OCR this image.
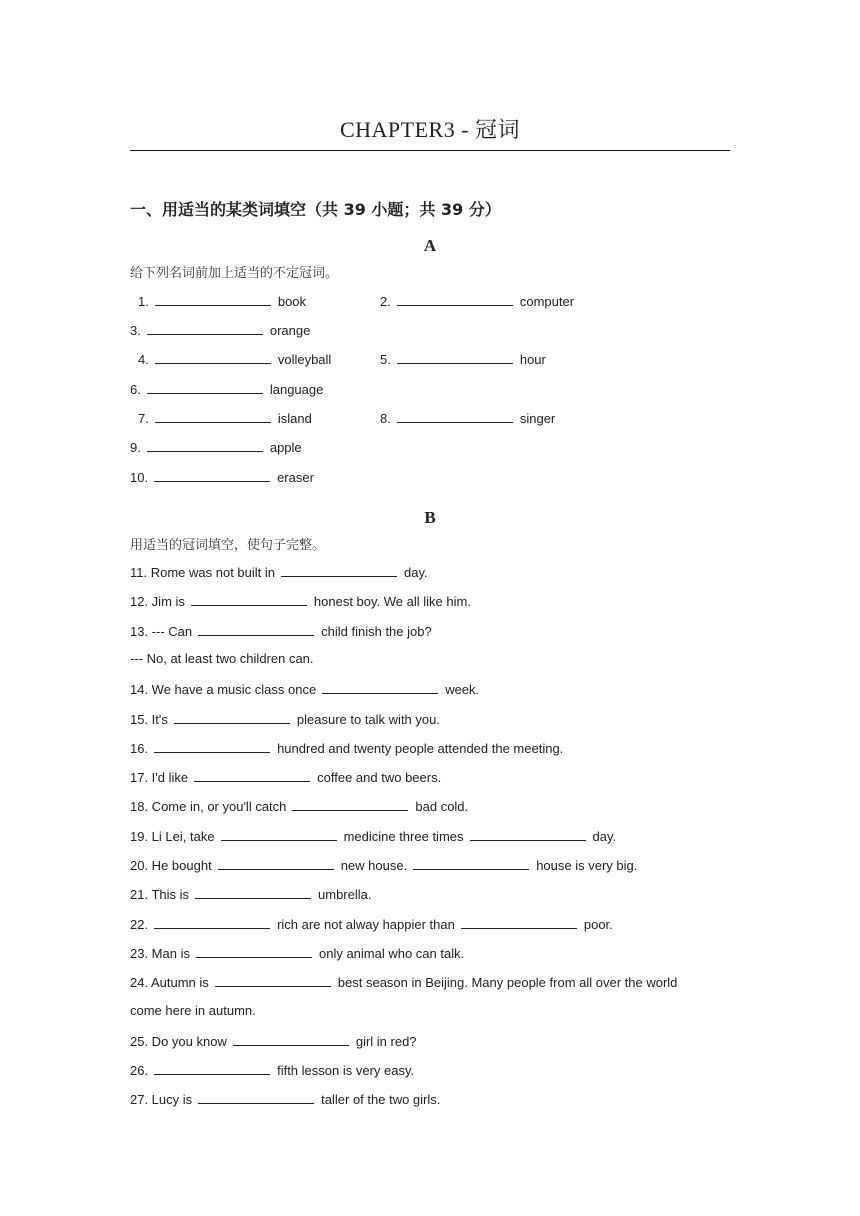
CHAPTER3 - 冠词
一、用适当的某类词填空（共 39 小题；共 39 分）
A
给下列名词前加上适当的不定冠词。
1.	book	2.	computer
3.	orange
4.	volleyball	5.	hour
6.	language
7.	island	8.	singer
9.	apple
10.	eraser
B
用适当的冠词填空，使句子完整。
11. Rome was not built in	day.
12. Jim is	honest boy. We all like him.
13. --- Can	child finish the job?
--- No, at least two children can.
14. We have a music class once	week.
15. It's	pleasure to talk with you.
16.	hundred and twenty people attended the meeting.
17. I'd like	coffee and two beers.
18. Come in, or you'll catch	bad cold.
19. Li Lei, take	medicine three times	day.
20. He bought	new house.	house is very big.
21. This is	umbrella.
22.	rich are not alway happier than	poor.
23. Man is	only animal who can talk.
24. Autumn is	best season in Beijing. Many people from all over the world
come here in autumn.
25. Do you know	girl in red?
26.	fifth lesson is very easy.
27. Lucy is	taller of the two girls.
